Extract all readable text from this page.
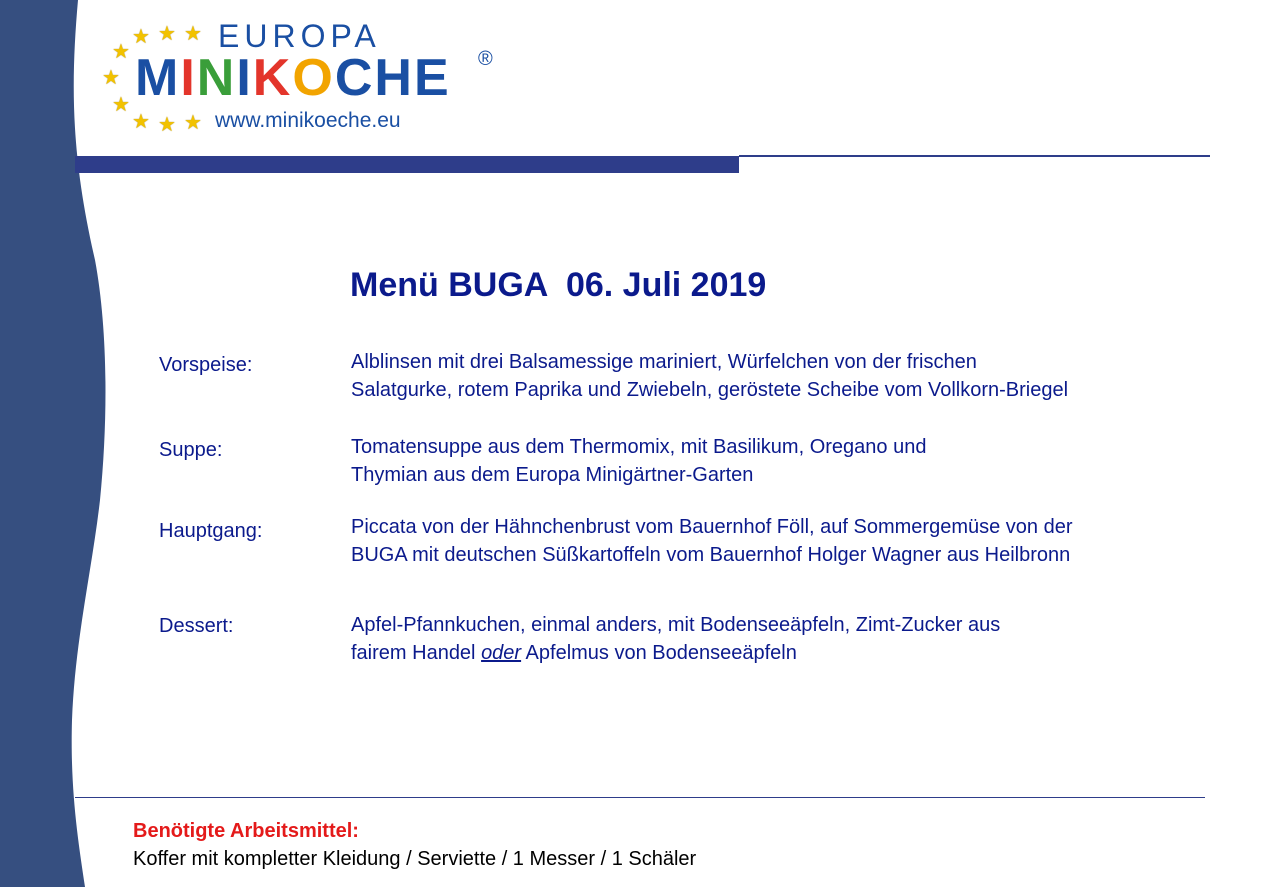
EUROPA
MINIKOCHE ®
www.minikoeche.eu
★ ★ ★
★
★
★
★ ★ ★
Menü BUGA  06. Juli 2019
Vorspeise:	Alblinsen mit drei Balsamessige mariniert, Würfelchen von der frischen
Salatgurke, rotem Paprika und Zwiebeln, geröstete Scheibe vom Vollkorn-Briegel
Suppe:	Tomatensuppe aus dem Thermomix, mit Basilikum, Oregano und
Thymian aus dem Europa Minigärtner-Garten
Hauptgang:	Piccata von der Hähnchenbrust vom Bauernhof Föll, auf Sommergemüse von der
BUGA mit deutschen Süßkartoffeln vom Bauernhof Holger Wagner aus Heilbronn
Dessert:	Apfel-Pfannkuchen, einmal anders, mit Bodenseeäpfeln, Zimt-Zucker aus
fairem Handel oder Apfelmus von Bodenseeäpfeln
Benötigte Arbeitsmittel:
Koffer mit kompletter Kleidung / Serviette / 1 Messer / 1 Schäler
